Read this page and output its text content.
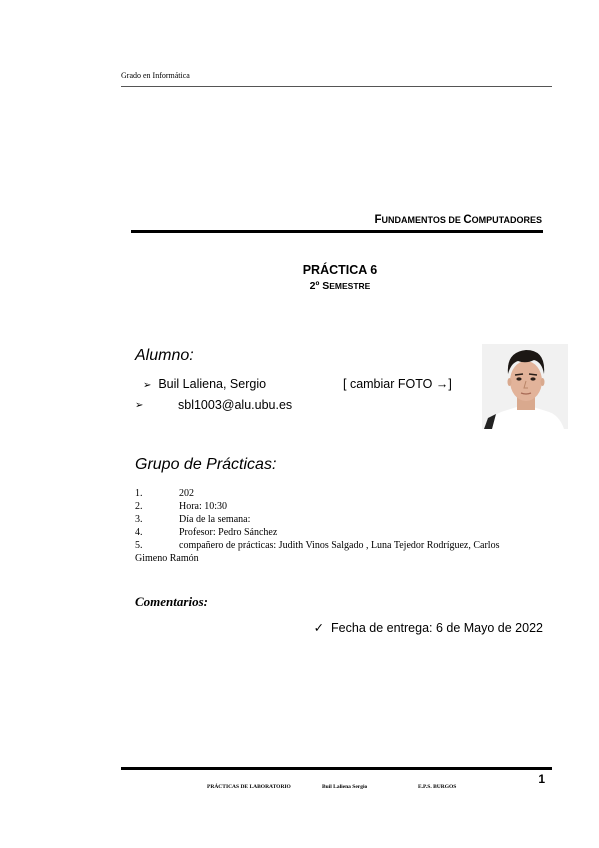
Grado en Informática
FUNDAMENTOS DE COMPUTADORES
PRÁCTICA 6
2º SEMESTRE
Alumno:
➢ Buil Laliena, Sergio	[ cambiar FOTO →]
➢	sbl1003@alu.ubu.es
Grupo de Prácticas:
1.	202
2.	Hora: 10:30
3.	Día de la semana:
4.	Profesor: Pedro Sánchez
5.	compañero de prácticas: Judith Vinos Salgado , Luna Tejedor Rodríguez, Carlos
Gimeno Ramón
Comentarios:
✓ Fecha de entrega: 6 de Mayo de 2022
1
PRÁCTICAS DE LABORATORIO	Buil Laliena Sergio	E.P.S. BURGOS
